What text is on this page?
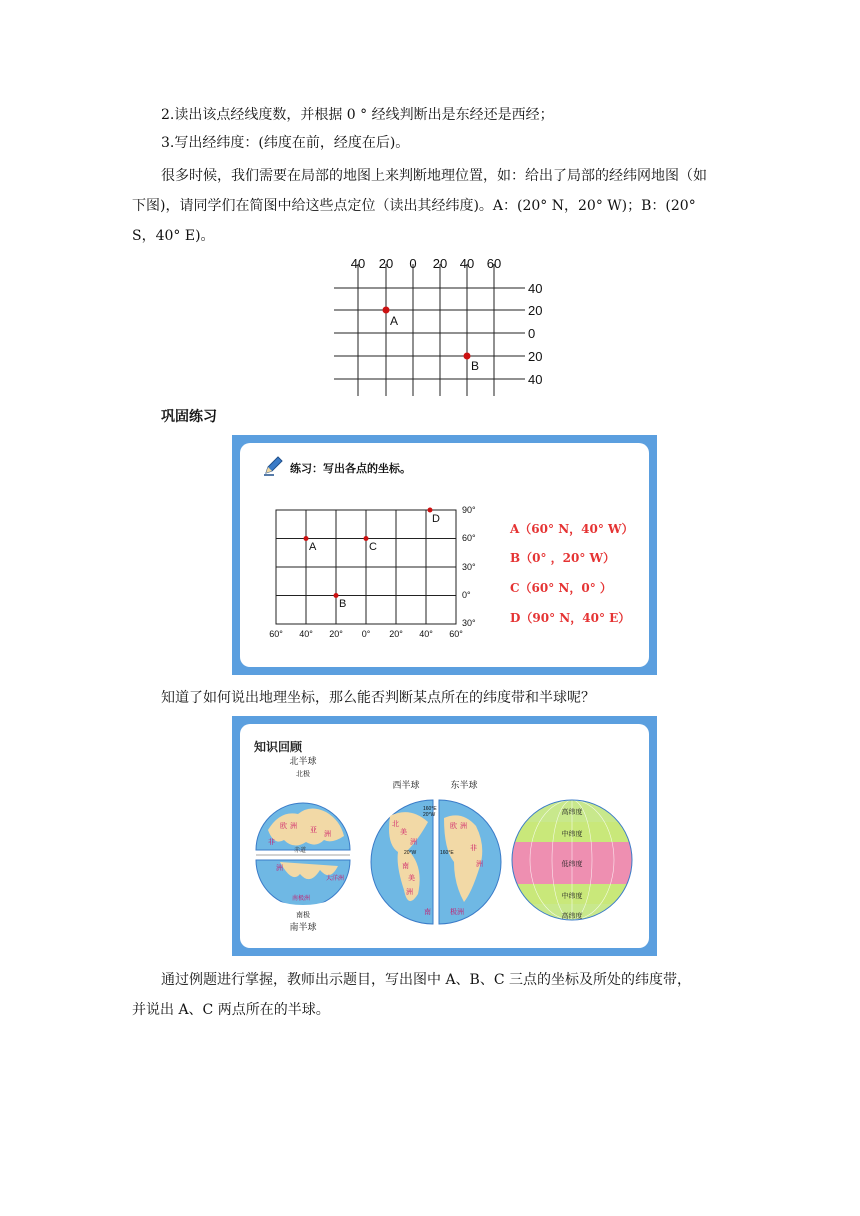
2.读出该点经线度数，并根据 0 ° 经线判断出是东经还是西经；
3.写出经纬度：(纬度在前，经度在后)。
很多时候，我们需要在局部的地图上来判断地理位置，如：给出了局部的经纬网地图（如
下图)，请同学们在简图中给这些点定位（读出其经纬度)。A：(20° N，20° W)；B：(20°
S，40° E)。
40 20 0 20 40 60
40
20
0
20
40
A
B
巩固练习
练习：写出各点的坐标。
60° 40° 20° 0° 20° 40° 60°
90°
60°
30°
0°
30°
A
B
C
D
A（60° N，40° W）
B（0° ，20° W）
C（60° N，0° ）
D（90° N，40° E）
知道了如何说出地理坐标，那么能否判断某点所在的纬度带和半球呢？
知识回顾
北半球
北极
赤道
欧 洲
亚
洲
非
洲
南极洲
大洋洲
南极
南半球
西半球	东半球
160°E
20°W
20°W	160°E
北
美
洲
南
美
洲
欧 洲
非
洲
南	极洲
高纬度
中纬度
低纬度
中纬度
高纬度
通过例题进行掌握，教师出示题目，写出图中 A、B、C 三点的坐标及所处的纬度带，
并说出 A、C 两点所在的半球。
